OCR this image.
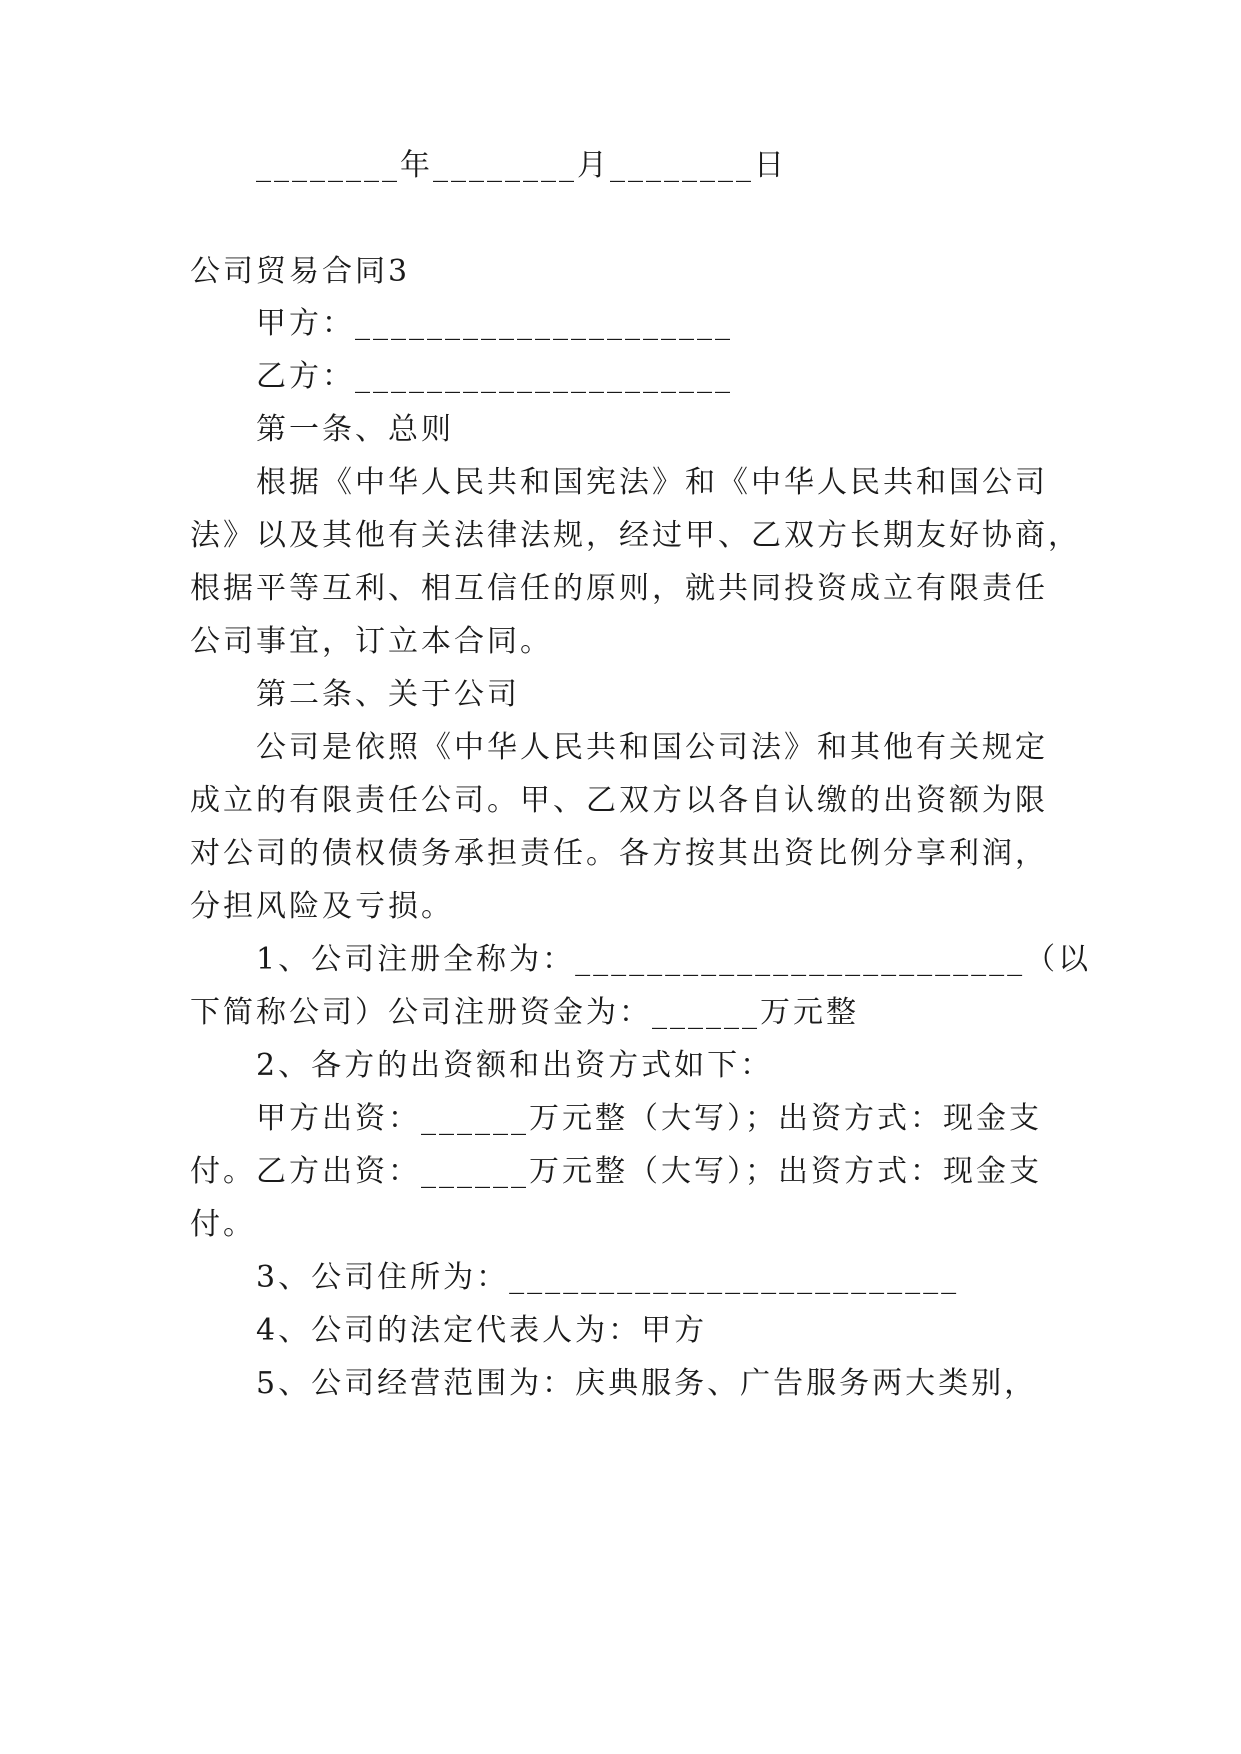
________年________月________日
公司贸易合同3
甲方：_____________________
乙方：_____________________
第一条、总则
根据《中华人民共和国宪法》和《中华人民共和国公司
法》以及其他有关法律法规，经过甲、乙双方长期友好协商，
根据平等互利、相互信任的原则，就共同投资成立有限责任
公司事宜，订立本合同。
第二条、关于公司
公司是依照《中华人民共和国公司法》和其他有关规定
成立的有限责任公司。甲、乙双方以各自认缴的出资额为限
对公司的债权债务承担责任。各方按其出资比例分享利润，
分担风险及亏损。
1、公司注册全称为：_________________________（以
下简称公司）公司注册资金为：______万元整
2、各方的出资额和出资方式如下：
甲方出资：______万元整（大写）；出资方式：现金支
付。乙方出资：______万元整（大写）；出资方式：现金支
付。
3、公司住所为：_________________________
4、公司的法定代表人为：甲方
5、公司经营范围为：庆典服务、广告服务两大类别，
